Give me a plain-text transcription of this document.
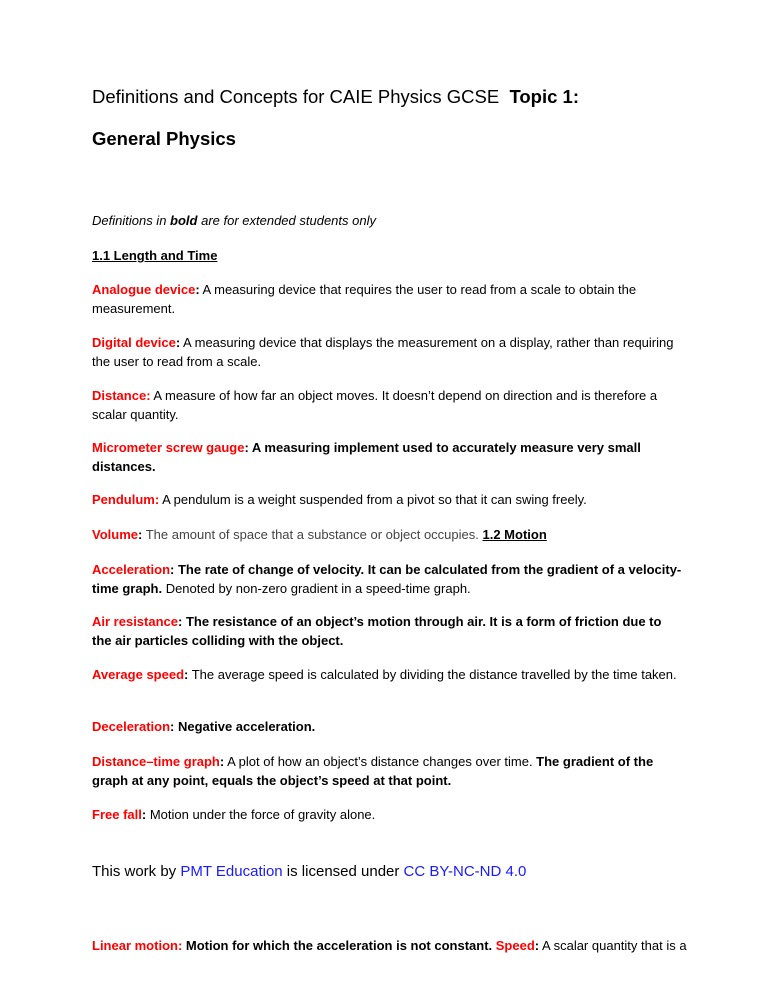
Definitions and Concepts for CAIE Physics GCSE Topic 1:
General Physics
Definitions in bold are for extended students only
1.1 Length and Time
Analogue device: A measuring device that requires the user to read from a scale to obtain the measurement.
Digital device: A measuring device that displays the measurement on a display, rather than requiring the user to read from a scale.
Distance: A measure of how far an object moves. It doesn’t depend on direction and is therefore a scalar quantity.
Micrometer screw gauge: A measuring implement used to accurately measure very small distances.
Pendulum: A pendulum is a weight suspended from a pivot so that it can swing freely.
Volume: The amount of space that a substance or object occupies. 1.2 Motion
Acceleration: The rate of change of velocity. It can be calculated from the gradient of a velocity-time graph. Denoted by non-zero gradient in a speed-time graph.
Air resistance: The resistance of an object’s motion through air. It is a form of friction due to the air particles colliding with the object.
Average speed: The average speed is calculated by dividing the distance travelled by the time taken.
Deceleration: Negative acceleration.
Distance–time graph: A plot of how an object’s distance changes over time. The gradient of the graph at any point, equals the object’s speed at that point.
Free fall: Motion under the force of gravity alone.
This work by PMT Education is licensed under CC BY-NC-ND 4.0
Linear motion: Motion for which the acceleration is not constant. Speed: A scalar quantity that is a
